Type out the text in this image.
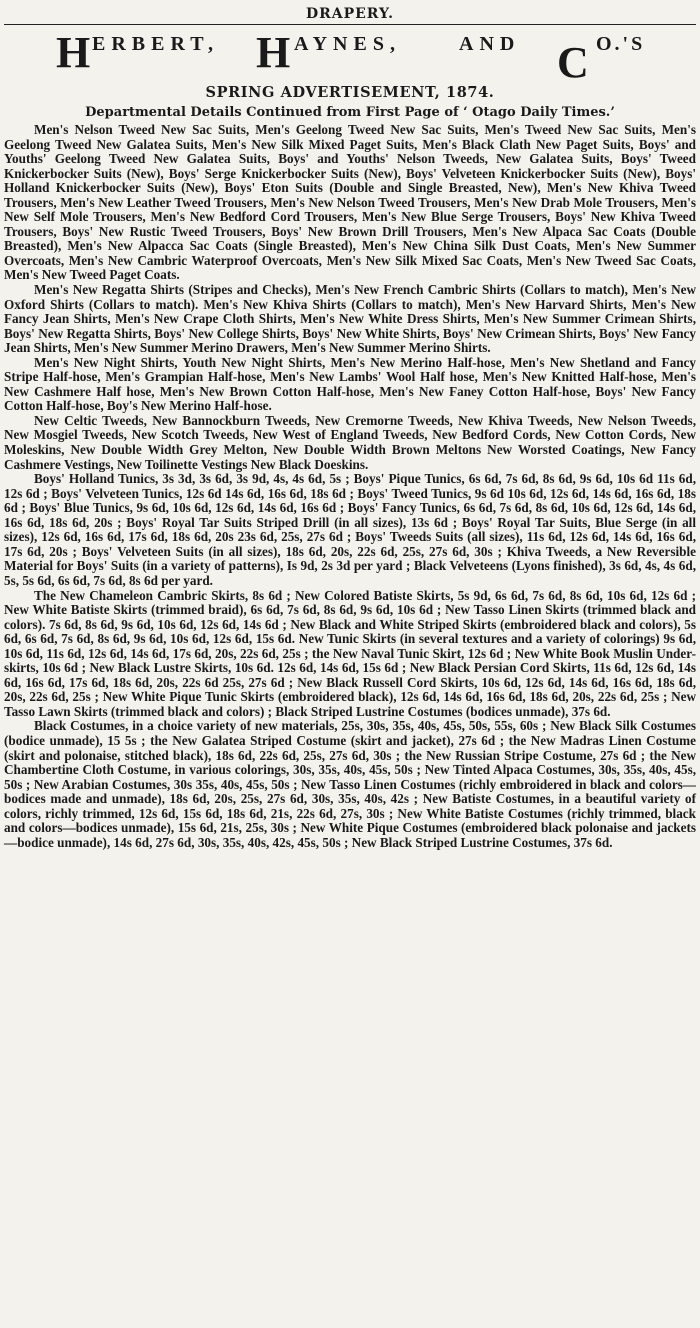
DRAPERY.
H ERBERT, H AYNES,	AND C O.'S
SPRING ADVERTISEMENT, 1874.
Departmental Details Continued from First Page of ‘ Otago Daily Times.’

Men's Nelson Tweed New Sac Suits, Men's Geelong Tweed New Sac Suits, Men's Tweed New Sac Suits, Men's Geelong Tweed New Galatea Suits, Men's New Silk Mixed Paget Suits, Men's Black Clath New Paget Suits, Boys' and Youths' Geelong Tweed New Galatea Suits, Boys' and Youths' Nelson Tweeds, New Galatea Suits, Boys' Tweed Knickerbocker Suits (New), Boys' Serge Knickerbocker Suits (New), Boys' Velveteen Knickerbocker Suits (New), Boys' Holland Knickerbocker Suits (New), Boys' Eton Suits (Double and Single Breasted, New), Men's New Khiva Tweed Trousers, Men's New Leather Tweed Trousers, Men's New Nelson Tweed Trousers, Men's New Drab Mole Trousers, Men's New Self Mole Trousers, Men's New Bedford Cord Trousers, Men's New Blue Serge Trousers, Boys' New Khiva Tweed Trousers, Boys' New Rustic Tweed Trousers, Boys' New Brown Drill Trousers, Men's New Alpaca Sac Coats (Double Breasted), Men's New Alpacca Sac Coats (Single Breasted), Men's New China Silk Dust Coats, Men's New Summer Overcoats, Men's New Cambric Waterproof Overcoats, Men's New Silk Mixed Sac Coats, Men's New Tweed Sac Coats, Men's New Tweed Paget Coats.

Men's New Regatta Shirts (Stripes and Checks), Men's New French Cambric Shirts (Collars to match), Men's New Oxford Shirts (Collars to match). Men's New Khiva Shirts (Collars to match), Men's New Harvard Shirts, Men's New Fancy Jean Shirts, Men's New Crape Cloth Shirts, Men's New White Dress Shirts, Men's New Summer Crimean Shirts, Boys' New Regatta Shirts, Boys' New College Shirts, Boys' New White Shirts, Boys' New Crimean Shirts, Boys' New Fancy Jean Shirts, Men's New Summer Merino Drawers, Men's New Summer Merino Shirts.

Men's New Night Shirts, Youth New Night Shirts, Men's New Merino Half-hose, Men's New Shetland and Fancy Stripe Half-hose, Men's Grampian Half-hose, Men's New Lambs' Wool Half hose, Men's New Knitted Half-hose, Men's New Cashmere Half hose, Men's New Brown Cotton Half-hose, Men's New Faney Cotton Half-hose, Boys' New Fancy Cotton Half-hose, Boy's New Merino Half-hose.

New Celtic Tweeds, New Bannockburn Tweeds, New Cremorne Tweeds, New Khiva Tweeds, New Nelson Tweeds, New Mosgiel Tweeds, New Scotch Tweeds, New West of England Tweeds, New Bedford Cords, New Cotton Cords, New Moleskins, New Double Width Grey Melton, New Double Width Brown Meltons New Worsted Coatings, New Fancy Cashmere Vestings, New Toilinette Vestings New Black Doeskins.

Boys' Holland Tunics, 3s 3d, 3s 6d, 3s 9d, 4s, 4s 6d, 5s ; Boys' Pique Tunics, 6s 6d, 7s 6d, 8s 6d, 9s 6d, 10s 6d 11s 6d, 12s 6d ; Boys' Velveteen Tunics, 12s 6d 14s 6d, 16s 6d, 18s 6d ; Boys' Tweed Tunics, 9s 6d 10s 6d, 12s 6d, 14s 6d, 16s 6d, 18s 6d ; Boys' Blue Tunics, 9s 6d, 10s 6d, 12s 6d, 14s 6d, 16s 6d ; Boys' Fancy Tunics, 6s 6d, 7s 6d, 8s 6d, 10s 6d, 12s 6d, 14s 6d, 16s 6d, 18s 6d, 20s ; Boys' Royal Tar Suits Striped Drill (in all sizes), 13s 6d ; Boys' Royal Tar Suits, Blue Serge (in all sizes), 12s 6d, 16s 6d, 17s 6d, 18s 6d, 20s 23s 6d, 25s, 27s 6d ; Boys' Tweeds Suits (all sizes), 11s 6d, 12s 6d, 14s 6d, 16s 6d, 17s 6d, 20s ; Boys' Velveteen Suits (in all sizes), 18s 6d, 20s, 22s 6d, 25s, 27s 6d, 30s ; Khiva Tweeds, a New Reversible Material for Boys' Suits (in a variety of patterns), Is 9d, 2s 3d per yard ; Black Velveteens (Lyons finished), 3s 6d, 4s, 4s 6d, 5s, 5s 6d, 6s 6d, 7s 6d, 8s 6d per yard.

The New Chameleon Cambric Skirts, 8s 6d ; New Colored Batiste Skirts, 5s 9d, 6s 6d, 7s 6d, 8s 6d, 10s 6d, 12s 6d ; New White Batiste Skirts (trimmed braid), 6s 6d, 7s 6d, 8s 6d, 9s 6d, 10s 6d ; New Tasso Linen Skirts (trimmed black and colors). 7s 6d, 8s 6d, 9s 6d, 10s 6d, 12s 6d, 14s 6d ; New Black and White Striped Skirts (embroidered black and colors), 5s 6d, 6s 6d, 7s 6d, 8s 6d, 9s 6d, 10s 6d, 12s 6d, 15s 6d. New Tunic Skirts (in several textures and a variety of colorings) 9s 6d, 10s 6d, 11s 6d, 12s 6d, 14s 6d, 17s 6d, 20s, 22s 6d, 25s ; the New Naval Tunic Skirt, 12s 6d ; New White Book Muslin Under-skirts, 10s 6d ; New Black Lustre Skirts, 10s 6d. 12s 6d, 14s 6d, 15s 6d ; New Black Persian Cord Skirts, 11s 6d, 12s 6d, 14s 6d, 16s 6d, 17s 6d, 18s 6d, 20s, 22s 6d 25s, 27s 6d ; New Black Russell Cord Skirts, 10s 6d, 12s 6d, 14s 6d, 16s 6d, 18s 6d, 20s, 22s 6d, 25s ; New White Pique Tunic Skirts (embroidered black), 12s 6d, 14s 6d, 16s 6d, 18s 6d, 20s, 22s 6d, 25s ; New Tasso Lawn Skirts (trimmed black and colors) ; Black Striped Lustrine Costumes (bodices unmade), 37s 6d.

Black Costumes, in a choice variety of new materials, 25s, 30s, 35s, 40s, 45s, 50s, 55s, 60s ; New Black Silk Costumes (bodice unmade), 15 5s ; the New Galatea Striped Costume (skirt and jacket), 27s 6d ; the New Madras Linen Costume (skirt and polonaise, stitched black), 18s 6d, 22s 6d, 25s, 27s 6d, 30s ; the New Russian Stripe Costume, 27s 6d ; the New Chambertine Cloth Costume, in various colorings, 30s, 35s, 40s, 45s, 50s ; New Tinted Alpaca Costumes, 30s, 35s, 40s, 45s, 50s ; New Arabian Costumes, 30s 35s, 40s, 45s, 50s ; New Tasso Linen Costumes (richly embroidered in black and colors—bodices made and unmade), 18s 6d, 20s, 25s, 27s 6d, 30s, 35s, 40s, 42s ; New Batiste Costumes, in a beautiful variety of colors, richly trimmed, 12s 6d, 15s 6d, 18s 6d, 21s, 22s 6d, 27s, 30s ; New White Batiste Costumes (richly trimmed, black and colors—bodices unmade), 15s 6d, 21s, 25s, 30s ; New White Pique Costumes (embroidered black polonaise and jackets—bodice unmade), 14s 6d, 27s 6d, 30s, 35s, 40s, 42s, 45s, 50s ; New Black Striped Lustrine Costumes, 37s 6d.
